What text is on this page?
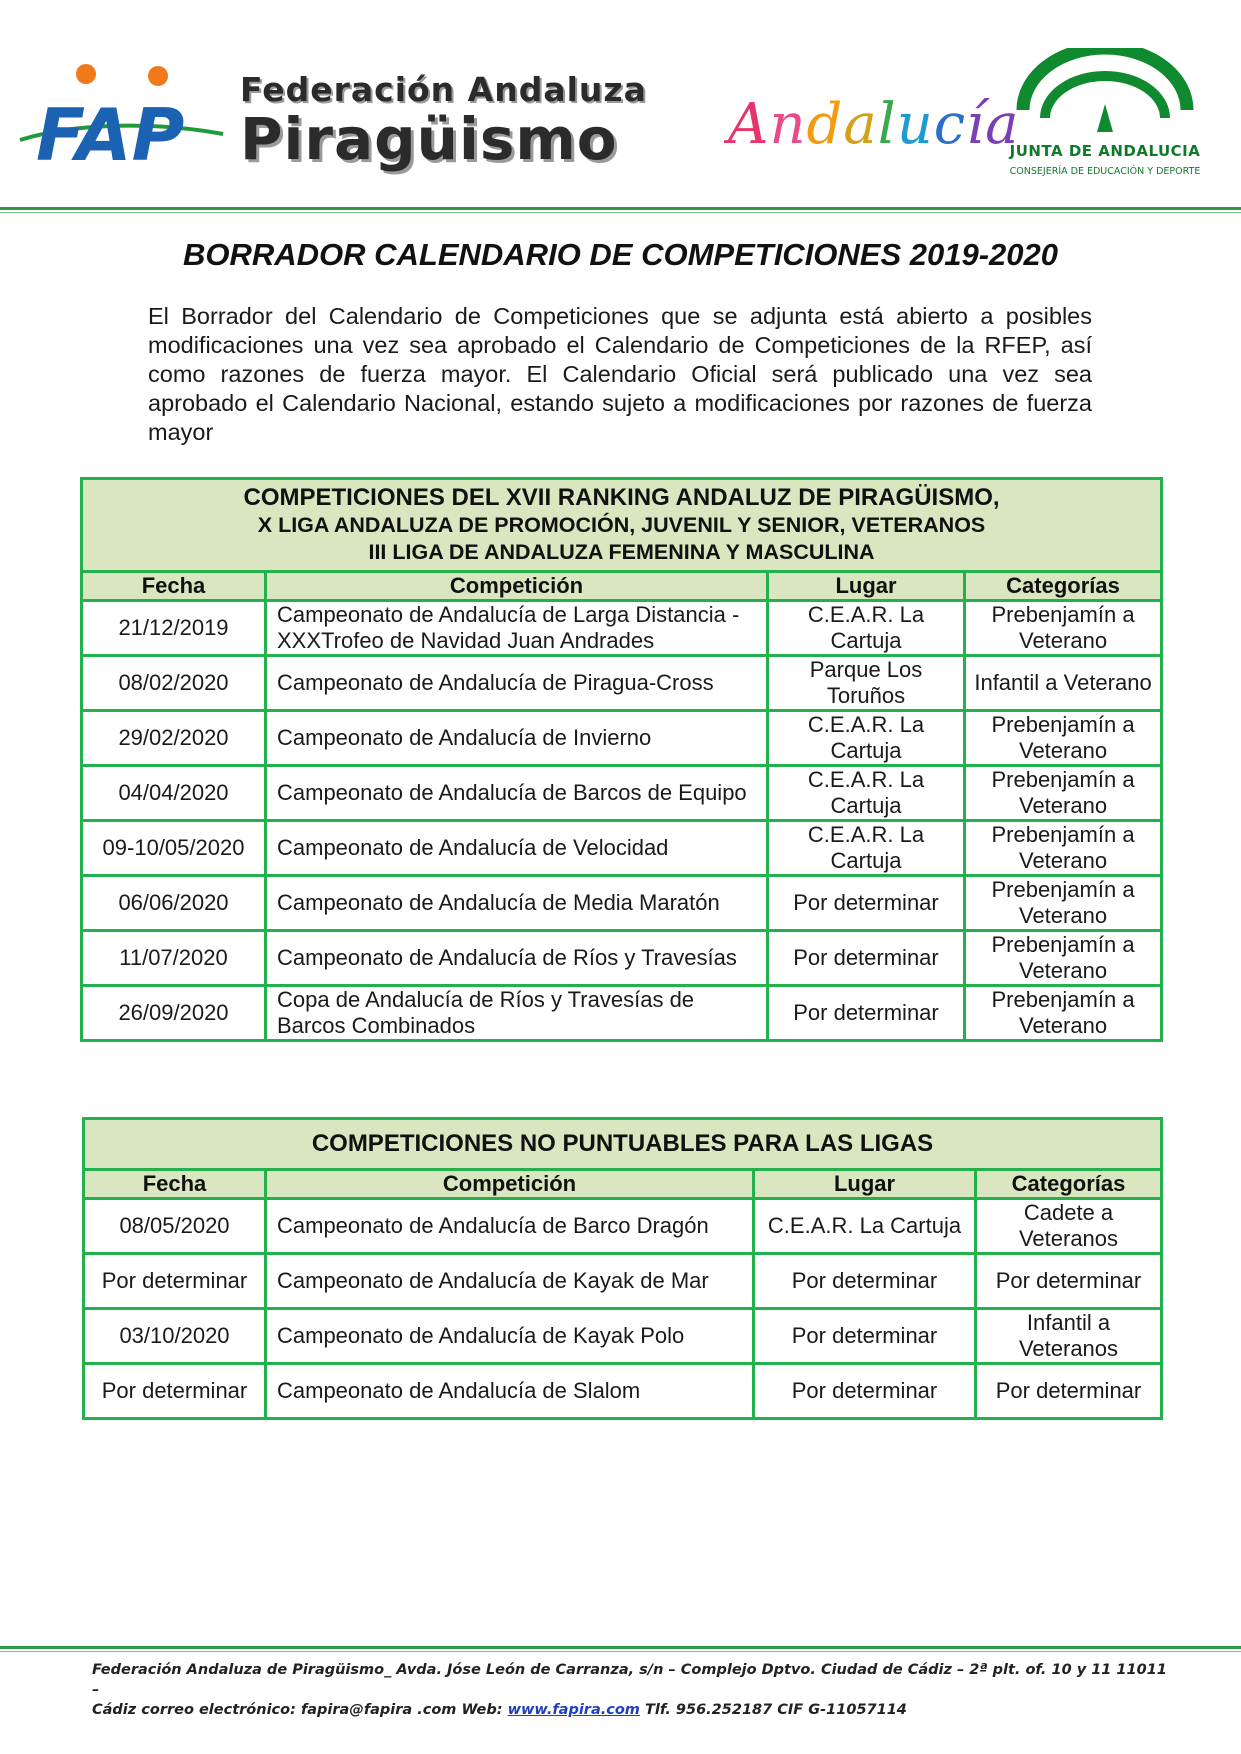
FAP
Federación Andaluza
Piragüismo	Andalucía
JUNTA DE ANDALUCIA
CONSEJERÍA DE EDUCACIÓN Y DEPORTE
BORRADOR CALENDARIO DE COMPETICIONES 2019-2020
El Borrador del Calendario de Competiciones que se adjunta está abierto a posibles modificaciones una vez sea aprobado el Calendario de Competiciones de la RFEP, así como razones de fuerza mayor. El Calendario Oficial será publicado una vez sea aprobado el Calendario Nacional, estando sujeto a modificaciones por razones de fuerza mayor
COMPETICIONES DEL XVII RANKING ANDALUZ DE PIRAGÜISMO,
X LIGA ANDALUZA DE PROMOCIÓN, JUVENIL Y SENIOR, VETERANOS
III LIGA DE ANDALUZA FEMENINA Y MASCULINA			

Fecha	Competición	Lugar	Categorías
21/12/2019	Campeonato de Andalucía de Larga Distancia - XXXTrofeo de Navidad Juan Andrades	C.E.A.R. La Cartuja	Prebenjamín a Veterano
08/02/2020	Campeonato de Andalucía de Piragua-Cross	Parque Los Toruños	Infantil a Veterano
29/02/2020	Campeonato de Andalucía de Invierno	C.E.A.R. La Cartuja	Prebenjamín a Veterano
04/04/2020	Campeonato de Andalucía de Barcos de Equipo	C.E.A.R. La Cartuja	Prebenjamín a Veterano
09-10/05/2020	Campeonato de Andalucía de Velocidad	C.E.A.R. La Cartuja	Prebenjamín a Veterano
06/06/2020	Campeonato de Andalucía de Media Maratón	Por determinar	Prebenjamín a Veterano
11/07/2020	Campeonato de Andalucía de Ríos y Travesías	Por determinar	Prebenjamín a Veterano
26/09/2020	Copa de Andalucía de Ríos y Travesías de Barcos Combinados	Por determinar	Prebenjamín a Veterano
COMPETICIONES NO PUNTUABLES PARA LAS LIGAS			
Fecha	Competición	Lugar	Categorías
08/05/2020	Campeonato de Andalucía de Barco Dragón	C.E.A.R. La Cartuja	Cadete a Veteranos
Por determinar	Campeonato de Andalucía de Kayak de Mar	Por determinar	Por determinar
03/10/2020	Campeonato de Andalucía de Kayak Polo	Por determinar	Infantil a Veteranos
Por determinar	Campeonato de Andalucía de Slalom	Por determinar	Por determinar
Federación Andaluza de Piragüismo_ Avda. Jóse León de Carranza, s/n – Complejo Dptvo. Ciudad de Cádiz – 2ª plt. of. 10 y 11 11011 –
Cádiz correo electrónico: fapira@fapira .com Web: www.fapira.com Tlf. 956.252187 CIF G-11057114
